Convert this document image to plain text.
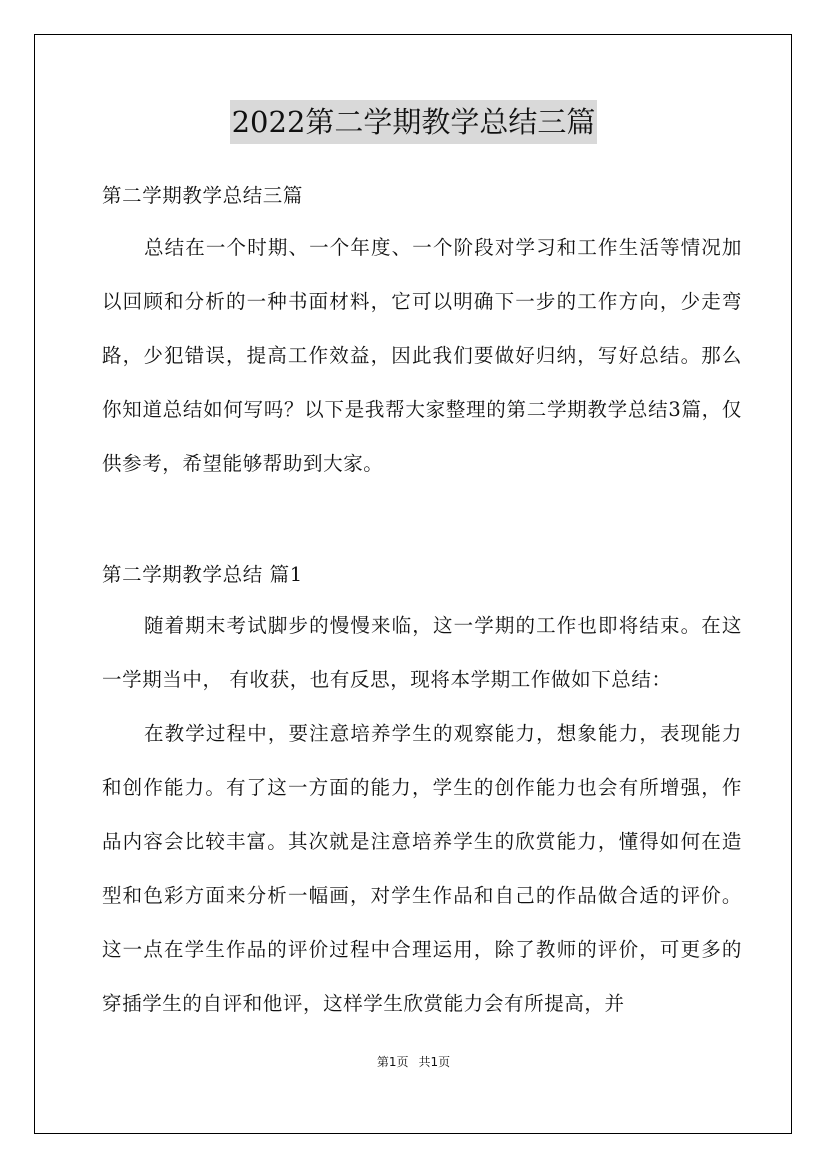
2022第二学期教学总结三篇

第二学期教学总结三篇

总结在一个时期、一个年度、一个阶段对学习和工作生活等情况加以回顾和分析的一种书面材料，它可以明确下一步的工作方向，少走弯路，少犯错误，提高工作效益，因此我们要做好归纳，写好总结。那么你知道总结如何写吗？以下是我帮大家整理的第二学期教学总结3篇，仅供参考，希望能够帮助到大家。

第二学期教学总结 篇1

随着期末考试脚步的慢慢来临，这一学期的工作也即将结束。在这一学期当中， 有收获，也有反思，现将本学期工作做如下总结：

在教学过程中，要注意培养学生的观察能力，想象能力，表现能力和创作能力。有了这一方面的能力，学生的创作能力也会有所增强，作品内容会比较丰富。其次就是注意培养学生的欣赏能力，懂得如何在造型和色彩方面来分析一幅画，对学生作品和自己的作品做合适的评价。这一点在学生作品的评价过程中合理运用，除了教师的评价，可更多的穿插学生的自评和他评，这样学生欣赏能力会有所提高，并

第1页 共1页
